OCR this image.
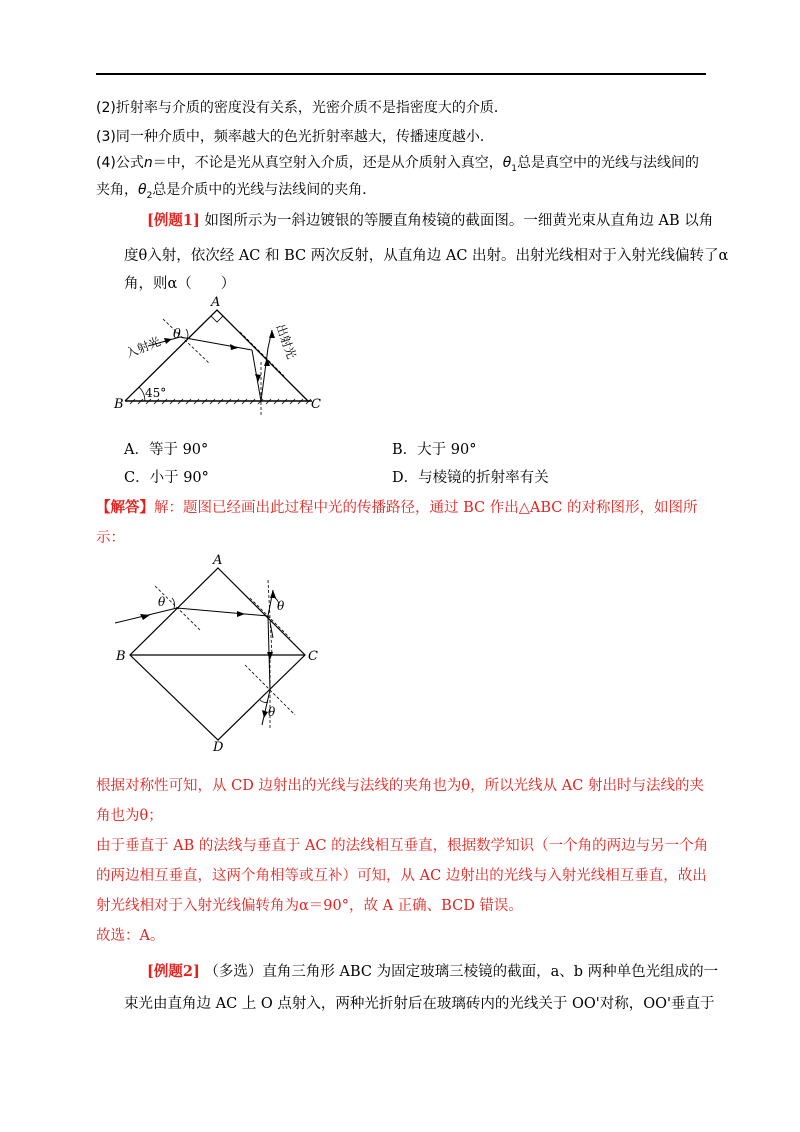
(2)折射率与介质的密度没有关系，光密介质不是指密度大的介质．
(3)同一种介质中，频率越大的色光折射率越大，传播速度越小．
(4)公式n＝中，不论是光从真空射入介质，还是从介质射入真空，$\theta_1$总是真空中的光线与法线间的
夹角，$\theta_2$总是介质中的光线与法线间的夹角．
[例题1] 如图所示为一斜边镀银的等腰直角棱镜的截面图。一细黄光束从直角边 AB 以角
度θ入射，依次经 AC 和 BC 两次反射，从直角边 AC 出射。出射光线相对于入射光线偏转了α
角，则α（　　）
A
B	C
θ
45°
入射光	出射光
A．等于 90°	B．大于 90°
C．小于 90°	D．与棱镜的折射率有关
【解答】解：题图已经画出此过程中光的传播路径，通过 BC 作出△ABC 的对称图形，如图所
示：
A
B	C
D
θ	θ
θ
根据对称性可知，从 CD 边射出的光线与法线的夹角也为θ，所以光线从 AC 射出时与法线的夹
角也为θ；
由于垂直于 AB 的法线与垂直于 AC 的法线相互垂直，根据数学知识（一个角的两边与另一个角
的两边相互垂直，这两个角相等或互补）可知，从 AC 边射出的光线与入射光线相互垂直，故出
射光线相对于入射光线偏转角为α＝90°，故 A 正确、BCD 错误。
故选：A。
[例题2] （多选）直角三角形 ABC 为固定玻璃三棱镜的截面，a、b 两种单色光组成的一
束光由直角边 AC 上 O 点射入，两种光折射后在玻璃砖内的光线关于 OO'对称，OO'垂直于
